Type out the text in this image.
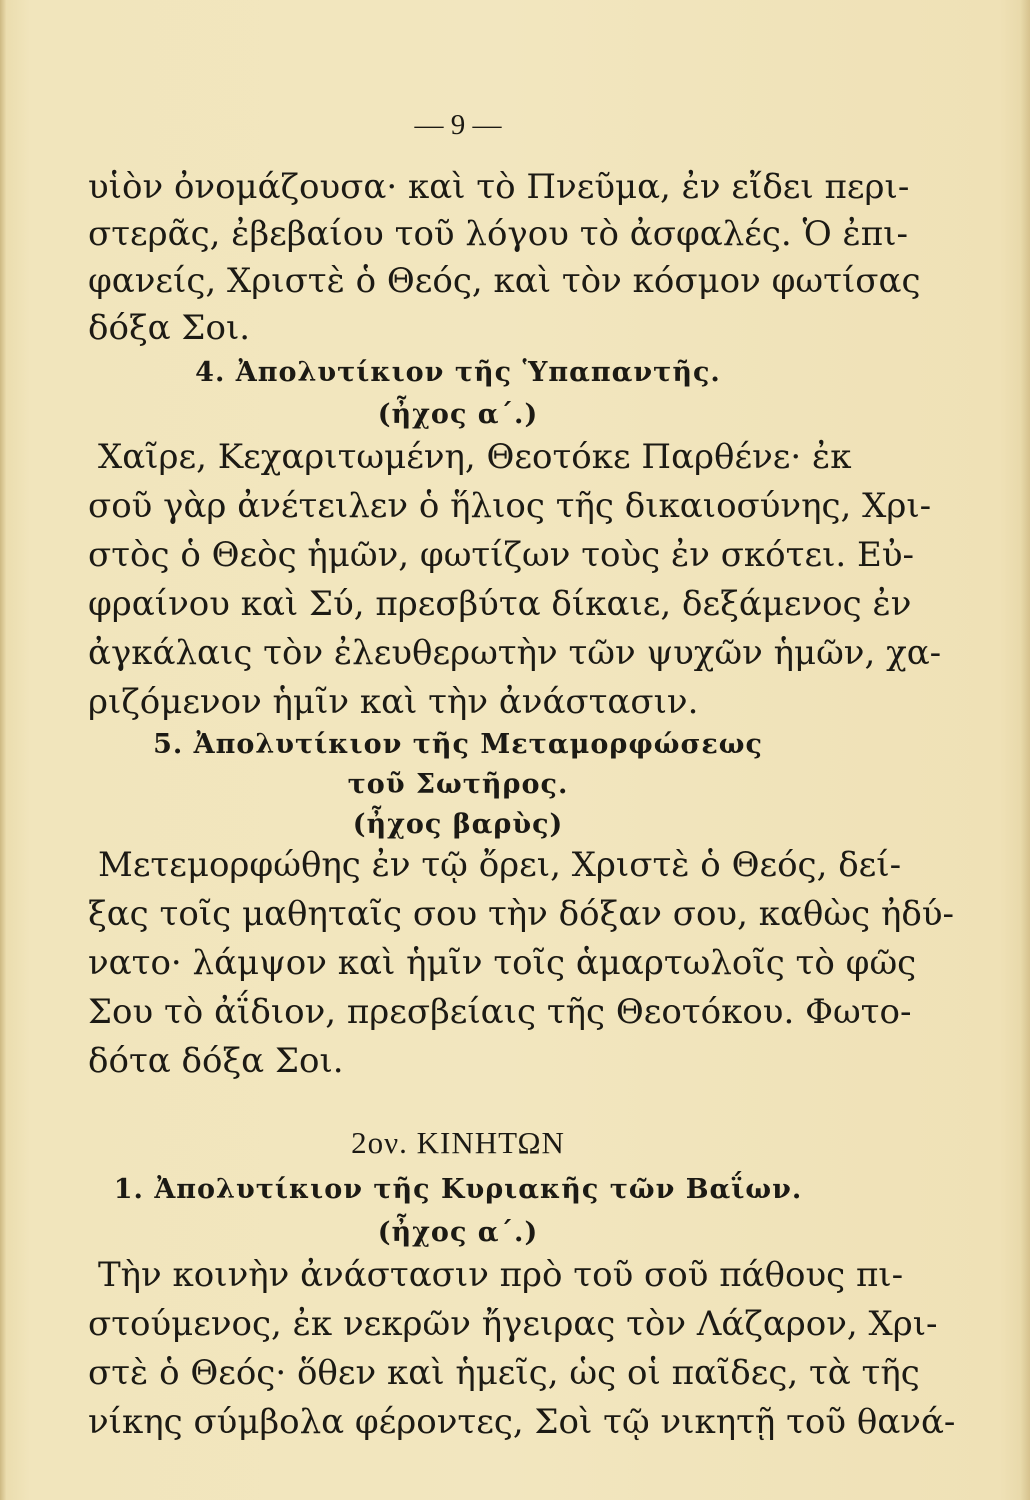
— 9 —
υἱὸν ὀνομάζουσα· καὶ τὸ Πνεῦμα, ἐν εἴδει περι-
στερᾶς, ἐβεβαίου τοῦ λόγου τὸ ἀσφαλές. Ὁ ἐπι-
φανείς, Χριστὲ ὁ Θεός, καὶ τὸν κόσμον φωτίσας
δόξα Σοι.
4. Ἀπολυτίκιον τῆς Ὑπαπαντῆς.
(ἦχος α΄.)
Χαῖρε, Κεχαριτωμένη, Θεοτόκε Παρθένε· ἐκ
σοῦ γὰρ ἀνέτειλεν ὁ ἥλιος τῆς δικαιοσύνης, Χρι-
στὸς ὁ Θεὸς ἡμῶν, φωτίζων τοὺς ἐν σκότει. Εὐ-
φραίνου καὶ Σύ, πρεσβύτα δίκαιε, δεξάμενος ἐν
ἀγκάλαις τὸν ἐλευθερωτὴν τῶν ψυχῶν ἡμῶν, χα-
ριζόμενον ἡμῖν καὶ τὴν ἀνάστασιν.
5. Ἀπολυτίκιον τῆς Μεταμορφώσεως
τοῦ Σωτῆρος.
(ἦχος βαρὺς)
Μετεμορφώθης ἐν τῷ ὄρει, Χριστὲ ὁ Θεός, δεί-
ξας τοῖς μαθηταῖς σου τὴν δόξαν σου, καθὼς ἠδύ-
νατο· λάμψον καὶ ἡμῖν τοῖς ἁμαρτωλοῖς τὸ φῶς
Σου τὸ ἀΐδιον, πρεσβείαις τῆς Θεοτόκου. Φωτο-
δότα δόξα Σοι.
2ον. ΚΙΝΗΤΩΝ
1. Ἀπολυτίκιον τῆς Κυριακῆς τῶν Βαΐων.
(ἦχος α΄.)
Τὴν κοινὴν ἀνάστασιν πρὸ τοῦ σοῦ πάθους πι-
στούμενος, ἐκ νεκρῶν ἤγειρας τὸν Λάζαρον, Χρι-
στὲ ὁ Θεός· ὅθεν καὶ ἡμεῖς, ὡς οἱ παῖδες, τὰ τῆς
νίκης σύμβολα φέροντες, Σοὶ τῷ νικητῇ τοῦ θανά-
